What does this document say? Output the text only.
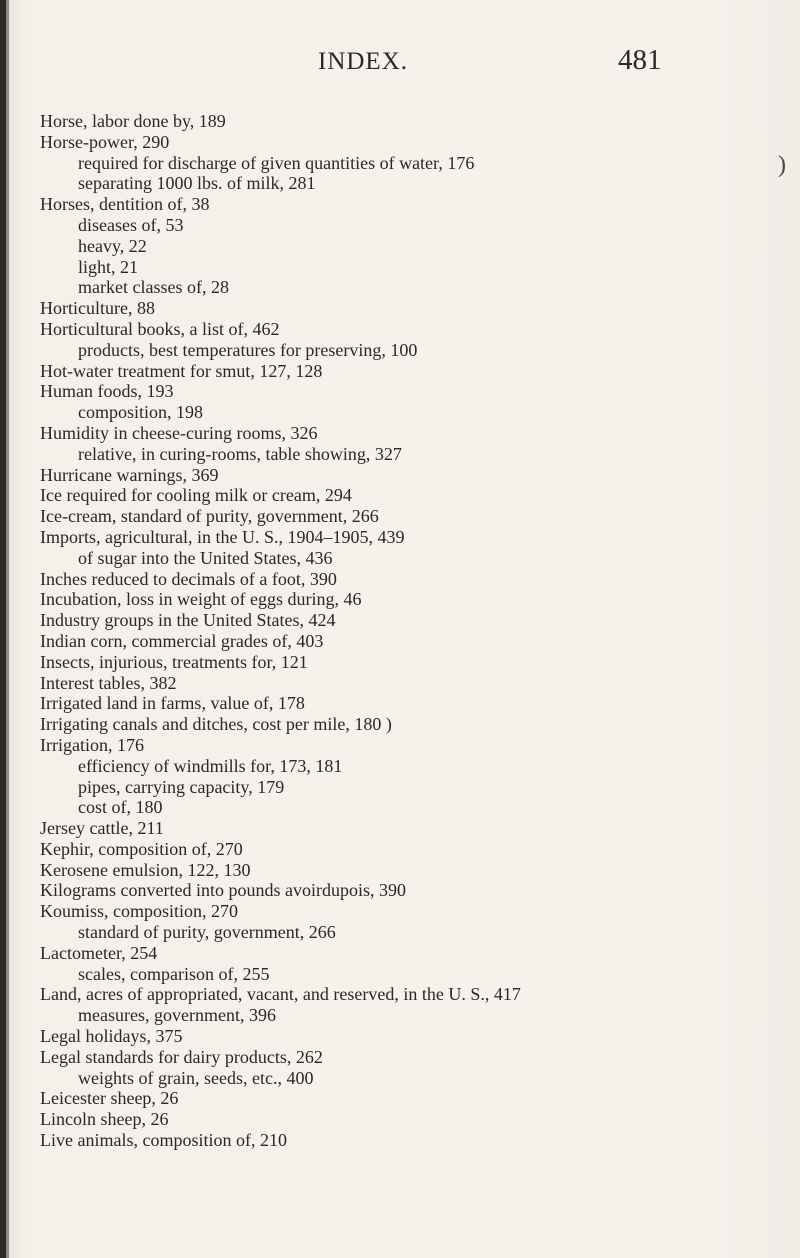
INDEX.	481
)
Horse, labor done by, 189
Horse-power, 290
required for discharge of given quantities of water, 176
separating 1000 lbs. of milk, 281
Horses, dentition of, 38
diseases of, 53
heavy, 22
light, 21
market classes of, 28
Horticulture, 88
Horticultural books, a list of, 462
products, best temperatures for preserving, 100
Hot-water treatment for smut, 127, 128
Human foods, 193
composition, 198
Humidity in cheese-curing rooms, 326
relative, in curing-rooms, table showing, 327
Hurricane warnings, 369
Ice required for cooling milk or cream, 294
Ice-cream, standard of purity, government, 266
Imports, agricultural, in the U. S., 1904–1905, 439
of sugar into the United States, 436
Inches reduced to decimals of a foot, 390
Incubation, loss in weight of eggs during, 46
Industry groups in the United States, 424
Indian corn, commercial grades of, 403
Insects, injurious, treatments for, 121
Interest tables, 382
Irrigated land in farms, value of, 178
Irrigating canals and ditches, cost per mile, 180 )
Irrigation, 176
efficiency of windmills for, 173, 181
pipes, carrying capacity, 179
cost of, 180
Jersey cattle, 211
Kephir, composition of, 270
Kerosene emulsion, 122, 130
Kilograms converted into pounds avoirdupois, 390
Koumiss, composition, 270
standard of purity, government, 266
Lactometer, 254
scales, comparison of, 255
Land, acres of appropriated, vacant, and reserved, in the U. S., 417
measures, government, 396
Legal holidays, 375
Legal standards for dairy products, 262
weights of grain, seeds, etc., 400
Leicester sheep, 26
Lincoln sheep, 26
Live animals, composition of, 210
